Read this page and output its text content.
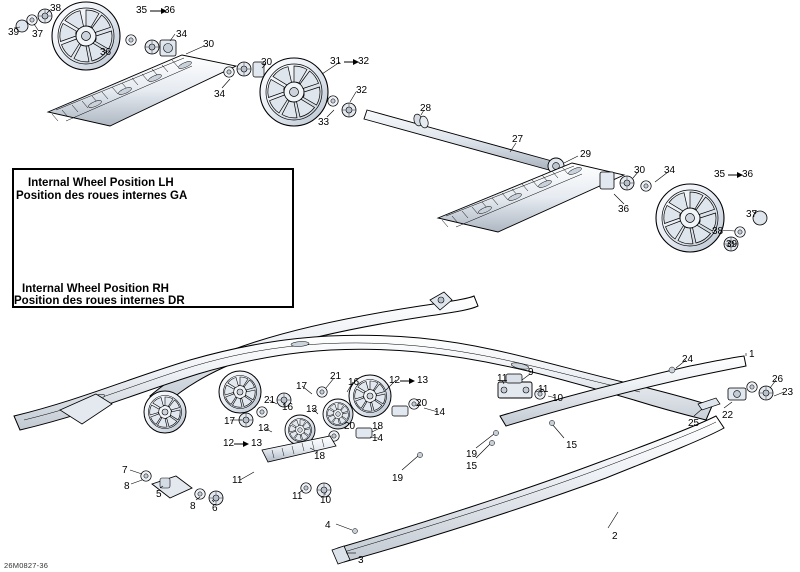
Internal Wheel Position LH
Position des roues internes GA
Internal Wheel Position RH
Position des roues internes DR
38
39 37
36
35 36
34
30
34
30	31 32
32
33
28
27
29
30 34	35 36
36	37
38
39
21
16
17
12 13
21
16
17
13
20
14
20 18
14
13
12 13
18
11
9
11
10
24	1
26
23
22
25
15
15
19
19
11 10
11
7
8
5
8 6
4
3
2
26M0827-36
